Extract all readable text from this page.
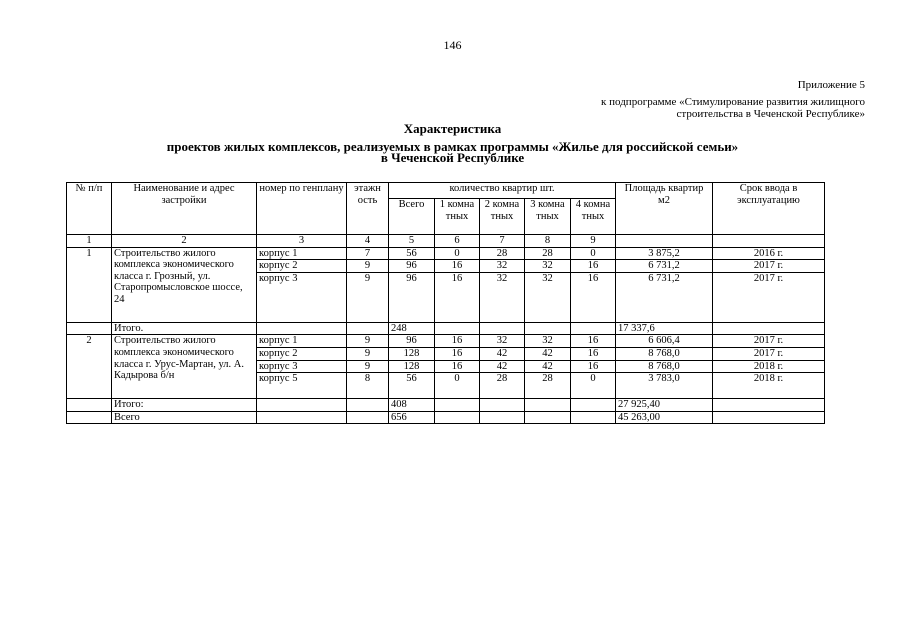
146
Приложение 5
к подпрограмме «Стимулирование развития жилищного
строительства в Чеченской Республике»
Характеристика
проектов жилых комплексов, реализуемых в рамках программы «Жилье для российской семьи»
в Чеченской Республике
№ п/п	Наименование и адрес застройки	номер по генплану	этажн ость	количество квартир шт.					Площадь квартир м2	Срок ввода в эксплуатацию
				Всего	1 комна тных	2 комна тных	3 комна тных	4 комна тных		
1	2	3	4	5	6	7	8	9		
1	Строительство жилого комплекса экономического класса г. Грозный, ул. Старопромысловское шоссе, 24	корпус 1	7	56	0	28	28	0	3 875,2	2016 г.
		корпус 2	9	96	16	32	32	16	6 731,2	2017 г.
		корпус 3	9	96	16	32	32	16	6 731,2	2017 г.
	Итого.			248					17 337,6	
2	Строительство жилого комплекса экономического класса г. Урус-Мартан, ул. А. Кадырова б/н	корпус 1	9	96	16	32	32	16	6 606,4	2017 г.
		корпус 2	9	128	16	42	42	16	8 768,0	2017 г.
		корпус 3	9	128	16	42	42	16	8 768,0	2018 г.
		корпус 5	8	56	0	28	28	0	3 783,0	2018 г.
	Итого:			408					27 925,40	
	Всего			656					45 263,00	
